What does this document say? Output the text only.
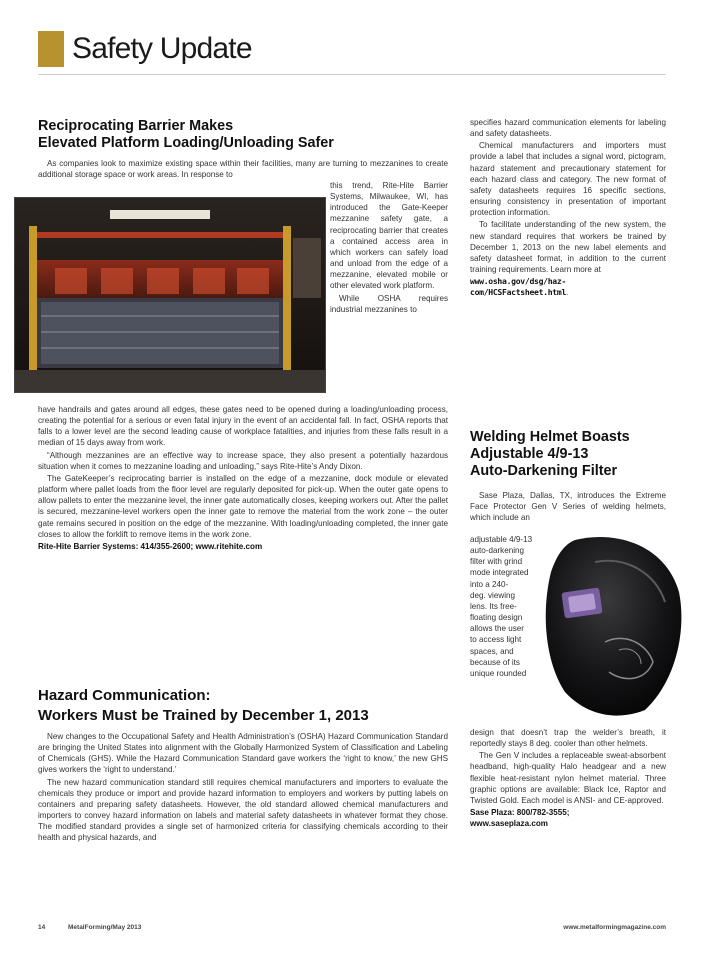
Safety Update
Reciprocating Barrier Makes
Elevated Platform Loading/Unloading Safer

As companies look to maximize existing space within their facilities, many are turning to mezzanines to create additional storage space or work areas. In response to

this trend, Rite-Hite Barrier Systems, Milwaukee, WI, has introduced the Gate-Keeper mezzanine safety gate, a reciprocating barrier that creates a contained access area in which workers can safely load and unload from the edge of a mezzanine, elevated mobile or other elevated work platform.

While OSHA requires industrial mezzanines to

have handrails and gates around all edges, these gates need to be opened during a loading/unloading process, creating the potential for a serious or even fatal injury in the event of an accidental fall. In fact, OSHA reports that falls to a lower level are the second leading cause of workplace fatalities, and injuries from these falls result in a median of 15 days away from work.

“Although mezzanines are an effective way to increase space, they also present a potentially hazardous situation when it comes to mezzanine loading and unloading,” says Rite-Hite’s Andy Dixon.

The GateKeeper’s reciprocating barrier is installed on the edge of a mezzanine, dock module or elevated platform where pallet loads from the floor level are regularly deposited for pick-up. When the outer gate opens to allow pallets to enter the mezzanine level, the inner gate automatically closes, keeping workers out. After the pallet is secured, mezzanine-level workers open the inner gate to remove the material from the work zone – the outer gate remains secured in position on the edge of the mezzanine. With loading/unloading completed, the inner gate closes to allow the forklift to remove items in the work zone.

Rite-Hite Barrier Systems: 414/355-2600; www.ritehite.com

Hazard Communication:
Workers Must be Trained by December 1, 2013

New changes to the Occupational Safety and Health Administration’s (OSHA) Hazard Communication Standard are bringing the United States into alignment with the Globally Harmonized System of Classification and Labeling of Chemicals (GHS). While the Hazard Communication Standard gave workers the ‘right to know,’ the new GHS gives workers the ‘right to understand.’

The new hazard communication standard still requires chemical manufacturers and importers to evaluate the chemicals they produce or import and provide hazard information to employers and workers by putting labels on containers and preparing safety datasheets. However, the old standard allowed chemical manufacturers and importers to convey hazard information on labels and material safety datasheets in whatever format they chose. The modified standard provides a single set of harmonized criteria for classifying chemicals according to their health and physical hazards, and

specifies hazard communication elements for labeling and safety datasheets.

Chemical manufacturers and importers must provide a label that includes a signal word, pictogram, hazard statement and precautionary statement for each hazard class and category. The new format of safety datasheets requires 16 specific sections, ensuring consistency in presentation of important protection information.

To facilitate understanding of the new system, the new standard requires that workers be trained by December 1, 2013 on the new label elements and safety datasheet format, in addition to the current training requirements. Learn more at

www.osha.gov/dsg/haz-
com/HCSFactsheet.html.

Welding Helmet Boasts
Adjustable 4/9-13
Auto-Darkening Filter

Sase Plaza, Dallas, TX, introduces the Extreme Face Protector Gen V Series of welding helmets, which include an

adjustable 4/9-13
auto-darkening filter with grind
mode integrated
into a 240-
deg. viewing
lens. Its free-
floating design
allows the user
to access light
spaces, and
because of its
unique rounded

design that doesn’t trap the welder’s breath, it reportedly stays 8 deg. cooler than other helmets.

The Gen V includes a replaceable sweat-absorbent headband, high-quality Halo headgear and a new flexible heat-resistant nylon helmet material. Three graphic options are available: Black Ice, Raptor and Twisted Gold. Each model is ANSI- and CE-approved.

Sase Plaza: 800/782-3555;
www.saseplaza.com

14	MetalForming/May 2013	www.metalformingmagazine.com
